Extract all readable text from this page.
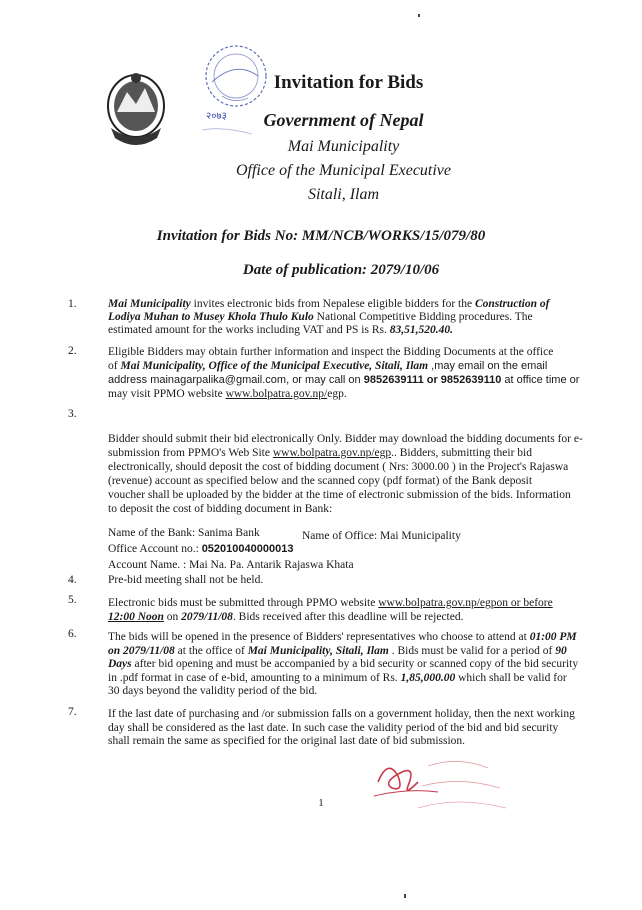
२०७३
Invitation for Bids
Government of Nepal
Mai Municipality
Office of the Municipal Executive
Sitali, Ilam
Invitation for Bids No: MM/NCB/WORKS/15/079/80
Date of publication: 2079/10/06
1.	Mai Municipality invites electronic bids from Nepalese eligible bidders for the Construction of
Lodiya Muhan to Musey Khola Thulo Kulo National Competitive Bidding procedures. The
estimated amount for the works including VAT and PS is Rs. 83,51,520.40.
2.	Eligible Bidders may obtain further information and inspect the Bidding Documents at the office
of Mai Municipality, Office of the Municipal Executive, Sitali, Ilam ,may email on the email
address mainagarpalika@gmail.com, or may call on 9852639111 or 9852639110 at office time or
may visit PPMO website www.bolpatra.gov.np/egp.
3.
Bidder should submit their bid electronically Only. Bidder may download the bidding documents for e-
submission from PPMO's Web Site www.bolpatra.gov.np/egp.. Bidders, submitting their bid
electronically, should deposit the cost of bidding document ( Nrs: 3000.00 ) in the Project's Rajaswa
(revenue) account as specified below and the scanned copy (pdf format) of the Bank deposit
voucher shall be uploaded by the bidder at the time of electronic submission of the bids. Information
to deposit the cost of bidding document in Bank:
Name of the Bank: Sanima Bank	Name of Office: Mai Municipality
Office Account no.: 052010040000013
Account Name. : Mai Na. Pa. Antarik Rajaswa Khata
4.	Pre-bid meeting shall not be held.
5.	Electronic bids must be submitted through PPMO website www.bolpatra.gov.np/egpon or before
12:00 Noon on 2079/11/08. Bids received after this deadline will be rejected.
6.	The bids will be opened in the presence of Bidders' representatives who choose to attend at 01:00 PM
on 2079/11/08 at the office of Mai Municipality, Sitali, Ilam . Bids must be valid for a period of 90
Days after bid opening and must be accompanied by a bid security or scanned copy of the bid security
in .pdf format in case of e-bid, amounting to a minimum of Rs. 1,85,000.00 which shall be valid for
30 days beyond the validity period of the bid.
7.	If the last date of purchasing and /or submission falls on a government holiday, then the next working
day shall be considered as the last date. In such case the validity period of the bid and bid security
shall remain the same as specified for the original last date of bid submission.
1
